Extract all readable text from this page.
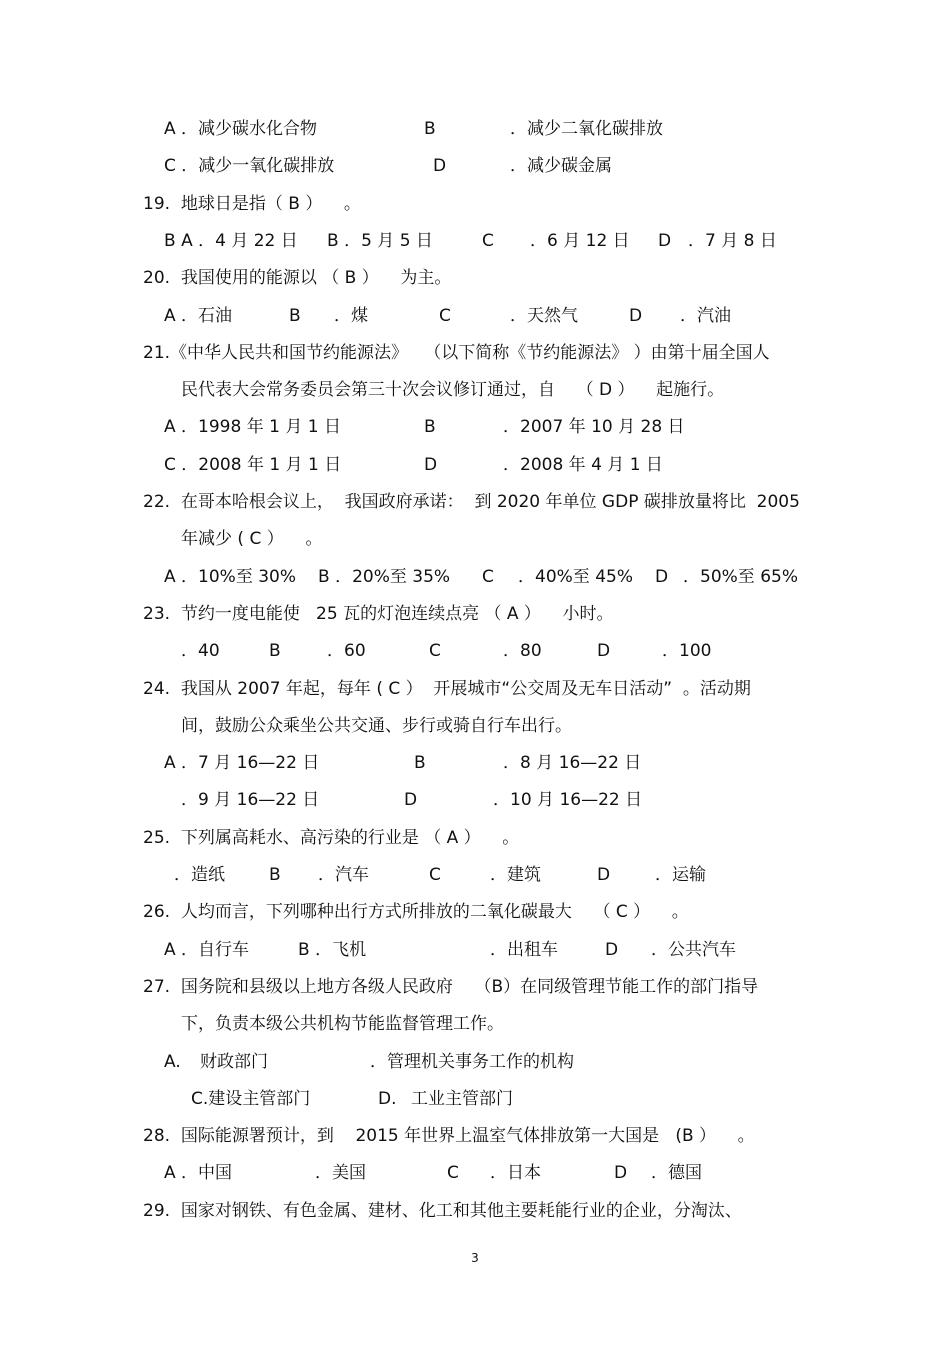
A ．减少碳水化合物	B	．减少二氧化碳排放
C ．减少一氧化碳排放	D	．减少碳金属
19.  地球日是指（ B ）    。
B A ．4 月 22 日 B ．5 月 5 日	C ．6 月 12 日 D ．7 月 8 日
20.  我国使用的能源以 （ B ）    为主。
A ．石油	B ．煤	C	．天然气	D ．汽油
21.《中华人民共和国节约能源法》   （以下简称《节约能源法》 ）由第十届全国人
民代表大会常务委员会第三十次会议修订通过，自    （ D ）    起施行。
A ．1998 年 1 月 1 日	B	．2007 年 10 月 28 日
C ．2008 年 1 月 1 日	D	．2008 年 4 月 1 日
22.  在哥本哈根会议上，  我国政府承诺：  到 2020 年单位 GDP 碳排放量将比  2005
年减少 ( C ）    。
A ．10%至 30% B ．20%至 35% C ．40%至 45% D ．50%至 65%
23.  节约一度电能使   25 瓦的灯泡连续点亮 （ A ）    小时。
．40	B	．60	C	．80	D	．100
24.  我国从 2007 年起，每年 ( C ）  开展城市“公交周及无车日活动”  。活动期
间，鼓励公众乘坐公共交通、步行或骑自行车出行。
A ．7 月 16—22 日	B	．8 月 16—22 日
．9 月 16—22 日	D	．10 月 16—22 日
25.  下列属高耗水、高污染的行业是 （ A ）    。
．造纸	B ．汽车	C	．建筑	D	．运输
26.  人均而言，下列哪种出行方式所排放的二氧化碳最大    （ C ）    。
A ．自行车	B ．飞机	．出租车	D ．公共汽车
27.  国务院和县级以上地方各级人民政府    （B）在同级管理节能工作的部门指导
下，负责本级公共机构节能监督管理工作。
A. 财政部门	．管理机关事务工作的机构
C.建设主管部门	D. 工业主管部门
28.  国际能源署预计，到    2015 年世界上温室气体排放第一大国是   (B ）    。
A ．中国	．美国	C ．日本	D ．德国
29.  国家对钢铁、有色金属、建材、化工和其他主要耗能行业的企业，分淘汰、
3
